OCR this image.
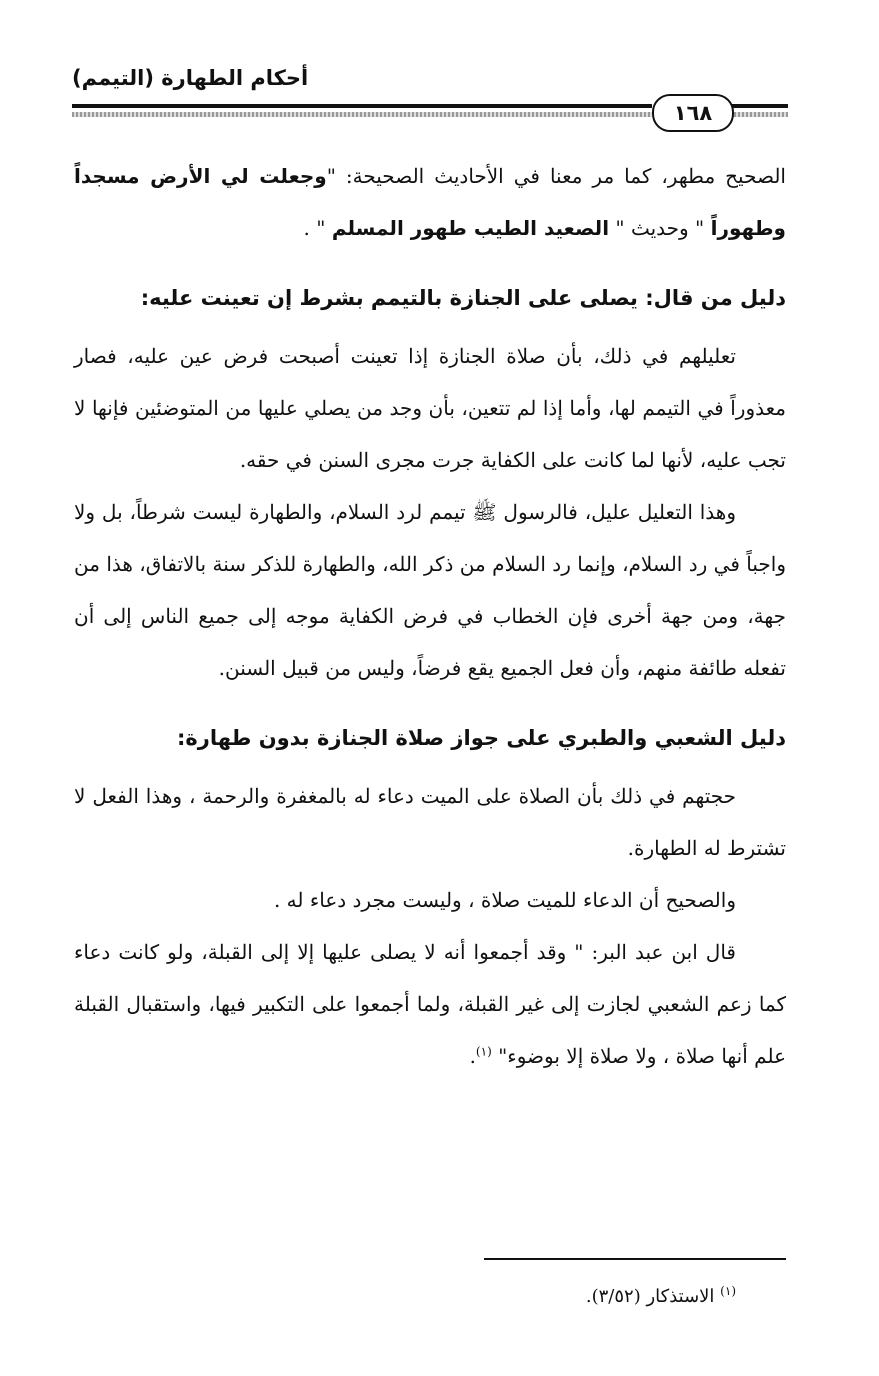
أحكام الطهارة (التيمم)
١٦٨

الصحيح مطهر، كما مر معنا في الأحاديث الصحيحة: "وجعلت لي الأرض مسجداً وطهوراً " وحديث " الصعيد الطيب طهور المسلم " .

دليل من قال: يصلى على الجنازة بالتيمم بشرط إن تعينت عليه:

تعليلهم في ذلك، بأن صلاة الجنازة إذا تعينت أصبحت فرض عين عليه، فصار معذوراً في التيمم لها، وأما إذا لم تتعين، بأن وجد من يصلي عليها من المتوضئين فإنها لا تجب عليه، لأنها لما كانت على الكفاية جرت مجرى السنن في حقه.

وهذا التعليل عليل، فالرسول ﷺ تيمم لرد السلام، والطهارة ليست شرطاً، بل ولا واجباً في رد السلام، وإنما رد السلام من ذكر الله، والطهارة للذكر سنة بالاتفاق، هذا من جهة، ومن جهة أخرى فإن الخطاب في فرض الكفاية موجه إلى جميع الناس إلى أن تفعله طائفة منهم، وأن فعل الجميع يقع فرضاً، وليس من قبيل السنن.

دليل الشعبي والطبري على جواز صلاة الجنازة بدون طهارة:

حجتهم في ذلك بأن الصلاة على الميت دعاء له بالمغفرة والرحمة ، وهذا الفعل لا تشترط له الطهارة.

والصحيح أن الدعاء للميت صلاة ، وليست مجرد دعاء له .

قال ابن عبد البر: " وقد أجمعوا أنه لا يصلى عليها إلا إلى القبلة، ولو كانت دعاء كما زعم الشعبي لجازت إلى غير القبلة، ولما أجمعوا على التكبير فيها، واستقبال القبلة علم أنها صلاة ، ولا صلاة إلا بوضوء" $^{(١)}$.

$^{(١)}$ الاستذكار (٣/٥٢).
